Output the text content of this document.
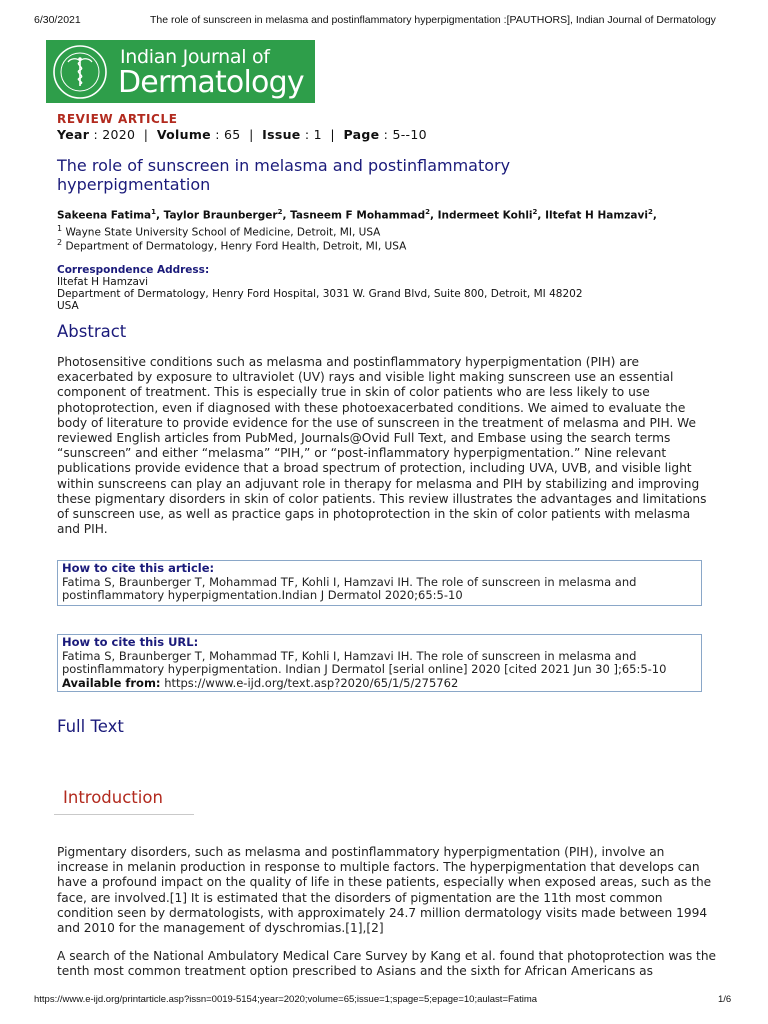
6/30/2021	The role of sunscreen in melasma and postinflammatory hyperpigmentation :[PAUTHORS], Indian Journal of Dermatology
Indian Journal of
Dermatology
REVIEW ARTICLE
Year : 2020  |  Volume : 65  |  Issue : 1  |  Page : 5--10
The role of sunscreen in melasma and postinflammatory hyperpigmentation
Sakeena Fatima$^1$, Taylor Braunberger$^2$, Tasneem F Mohammad$^2$, Indermeet Kohli$^2$, Iltefat H Hamzavi$^2$,
$^1$ Wayne State University School of Medicine, Detroit, MI, USA
$^2$ Department of Dermatology, Henry Ford Health, Detroit, MI, USA
Correspondence Address:
Iltefat H Hamzavi
Department of Dermatology, Henry Ford Hospital, 3031 W. Grand Blvd, Suite 800, Detroit, MI 48202
USA
Abstract
Photosensitive conditions such as melasma and postinflammatory hyperpigmentation (PIH) are exacerbated by exposure to ultraviolet (UV) rays and visible light making sunscreen use an essential component of treatment. This is especially true in skin of color patients who are less likely to use photoprotection, even if diagnosed with these photoexacerbated conditions. We aimed to evaluate the body of literature to provide evidence for the use of sunscreen in the treatment of melasma and PIH. We reviewed English articles from PubMed, Journals@Ovid Full Text, and Embase using the search terms “sunscreen” and either “melasma” “PIH,” or “post-inflammatory hyperpigmentation.” Nine relevant publications provide evidence that a broad spectrum of protection, including UVA, UVB, and visible light within sunscreens can play an adjuvant role in therapy for melasma and PIH by stabilizing and improving these pigmentary disorders in skin of color patients. This review illustrates the advantages and limitations of sunscreen use, as well as practice gaps in photoprotection in the skin of color patients with melasma and PIH.
How to cite this article:
Fatima S, Braunberger T, Mohammad TF, Kohli I, Hamzavi IH. The role of sunscreen in melasma and postinflammatory hyperpigmentation.Indian J Dermatol 2020;65:5-10
How to cite this URL:
Fatima S, Braunberger T, Mohammad TF, Kohli I, Hamzavi IH. The role of sunscreen in melasma and postinflammatory hyperpigmentation. Indian J Dermatol [serial online] 2020 [cited 2021 Jun 30 ];65:5-10
Available from: https://www.e-ijd.org/text.asp?2020/65/1/5/275762
Full Text
Introduction
Pigmentary disorders, such as melasma and postinflammatory hyperpigmentation (PIH), involve an increase in melanin production in response to multiple factors. The hyperpigmentation that develops can have a profound impact on the quality of life in these patients, especially when exposed areas, such as the face, are involved.[1] It is estimated that the disorders of pigmentation are the 11th most common condition seen by dermatologists, with approximately 24.7 million dermatology visits made between 1994 and 2010 for the management of dyschromias.[1],[2]
A search of the National Ambulatory Medical Care Survey by Kang et al. found that photoprotection was the tenth most common treatment option prescribed to Asians and the sixth for African Americans as
https://www.e-ijd.org/printarticle.asp?issn=0019-5154;year=2020;volume=65;issue=1;spage=5;epage=10;aulast=Fatima	1/6
